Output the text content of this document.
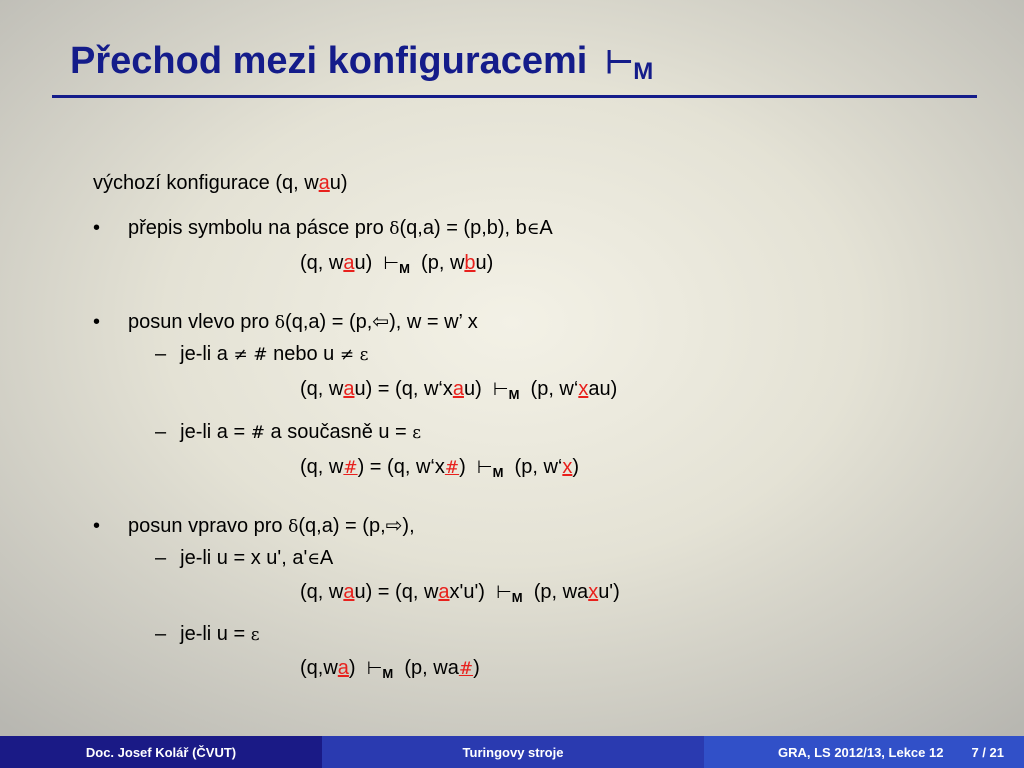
Přechod mezi konfiguracemi $⊢_M$
výchozí konfigurace (q, wau)
• přepis symbolu na pásce pro δ(q,a) = (p,b), b∈A
(q, wau) $⊢_M$ (p, wbu)
• posun vlevo pro δ(q,a) = (p,⇦), w = w’ x
– je-li a ≠ # nebo u ≠ ε
(q, wau) = (q, w‘xau) $⊢_M$ (p, w‘xau)
– je-li a = # a současně u = ε
(q, w#) = (q, w‘x#) $⊢_M$ (p, w‘x)
• posun vpravo pro δ(q,a) = (p,⇨),
– je-li u = x u', a'∈A
(q, wau) = (q, wax'u') $⊢_M$ (p, waxu')
– je-li u = ε
(q,wa) $⊢_M$ (p, wa#)
Doc. Josef Kolář (ČVUT)	Turingovy stroje	GRA, LS 2012/13, Lekce 12 7 / 21
